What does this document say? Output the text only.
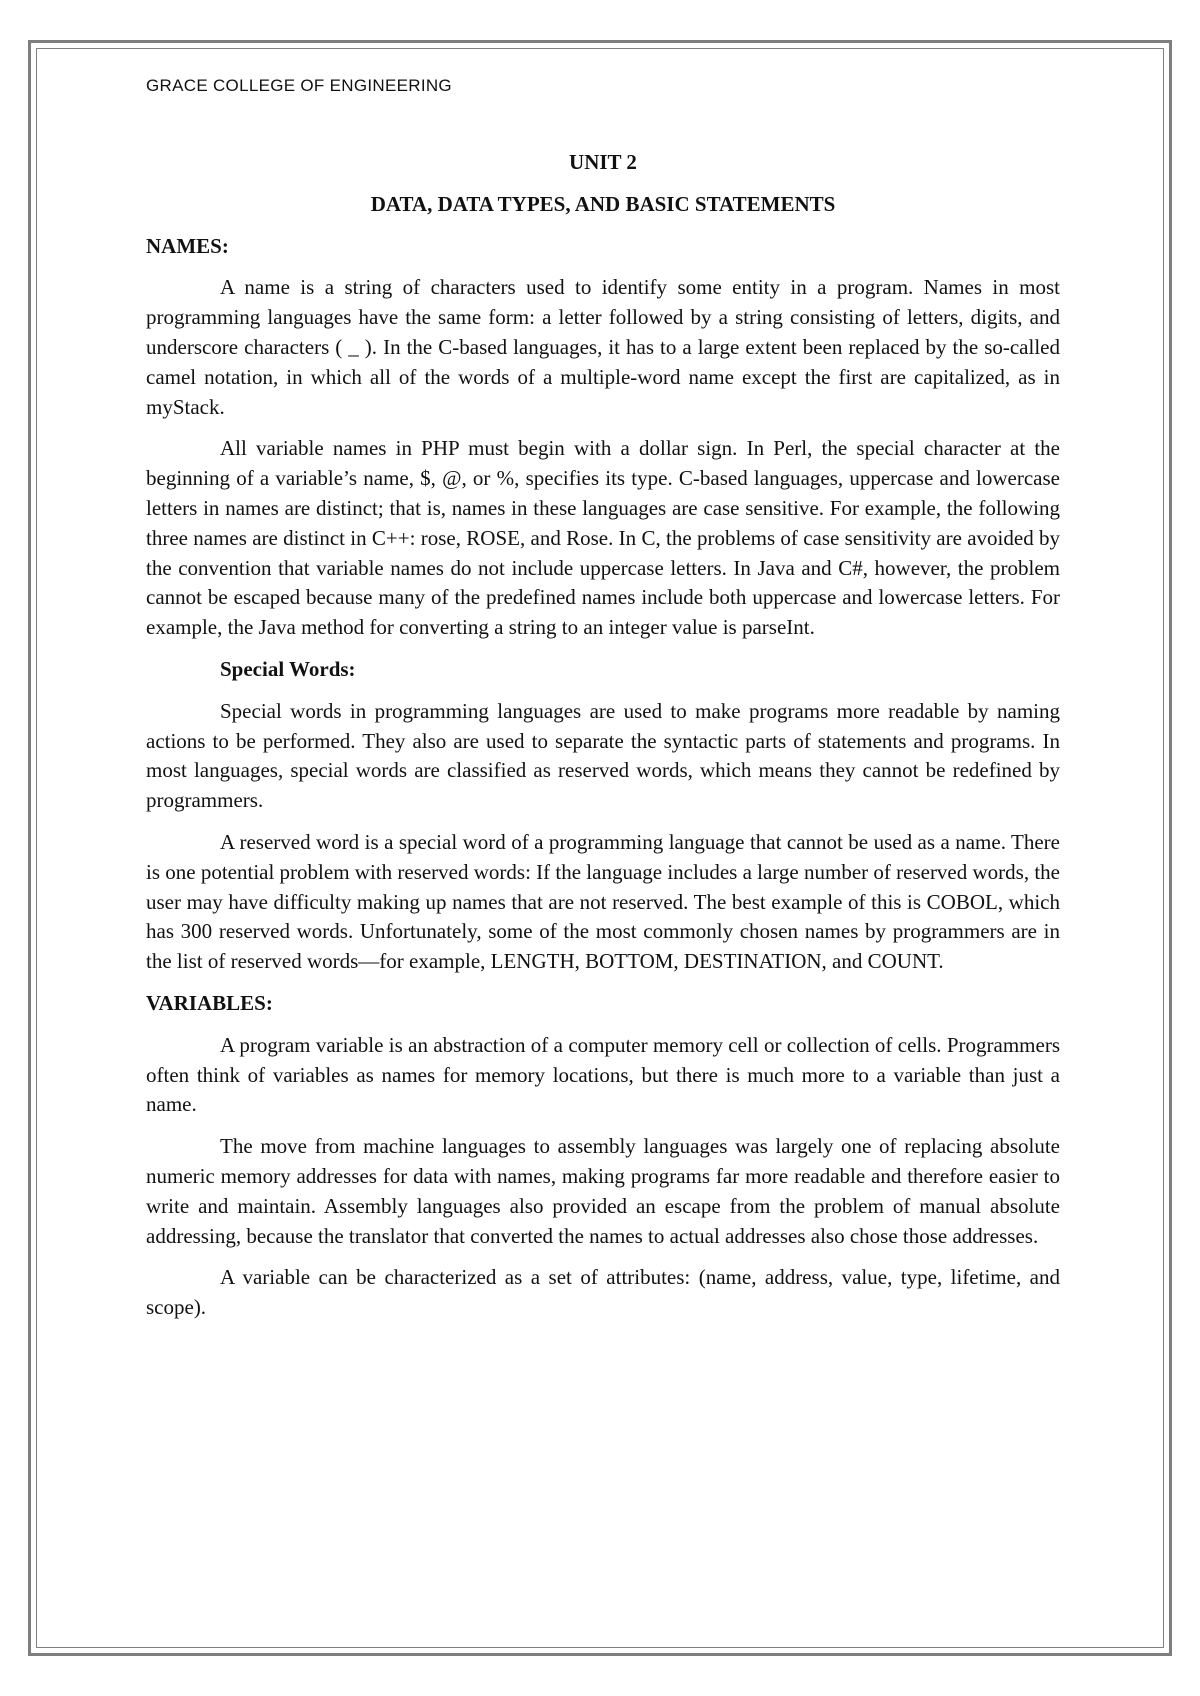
GRACE COLLEGE OF ENGINEERING
UNIT 2
DATA, DATA TYPES, AND BASIC STATEMENTS
NAMES:

A name is a string of characters used to identify some entity in a program. Names in most programming languages have the same form: a letter followed by a string consisting of letters, digits, and underscore characters ( _ ). In the C-based languages, it has to a large extent been replaced by the so-called camel notation, in which all of the words of a multiple-word name except the first are capitalized, as in myStack.

All variable names in PHP must begin with a dollar sign. In Perl, the special character at the beginning of a variable’s name, $, @, or %, specifies its type. C-based languages, uppercase and lowercase letters in names are distinct; that is, names in these languages are case sensitive. For example, the following three names are distinct in C++: rose, ROSE, and Rose. In C, the problems of case sensitivity are avoided by the convention that variable names do not include uppercase letters. In Java and C#, however, the problem cannot be escaped because many of the predefined names include both uppercase and lowercase letters. For example, the Java method for converting a string to an integer value is parseInt.

Special Words:

Special words in programming languages are used to make programs more readable by naming actions to be performed. They also are used to separate the syntactic parts of statements and programs. In most languages, special words are classified as reserved words, which means they cannot be redefined by programmers.

A reserved word is a special word of a programming language that cannot be used as a name. There is one potential problem with reserved words: If the language includes a large number of reserved words, the user may have difficulty making up names that are not reserved. The best example of this is COBOL, which has 300 reserved words. Unfortunately, some of the most commonly chosen names by programmers are in the list of reserved words—for example, LENGTH, BOTTOM, DESTINATION, and COUNT.

VARIABLES:

A program variable is an abstraction of a computer memory cell or collection of cells. Programmers often think of variables as names for memory locations, but there is much more to a variable than just a name.

The move from machine languages to assembly languages was largely one of replacing absolute numeric memory addresses for data with names, making programs far more readable and therefore easier to write and maintain. Assembly languages also provided an escape from the problem of manual absolute addressing, because the translator that converted the names to actual addresses also chose those addresses.

A variable can be characterized as a set of attributes: (name, address, value, type, lifetime, and scope).
